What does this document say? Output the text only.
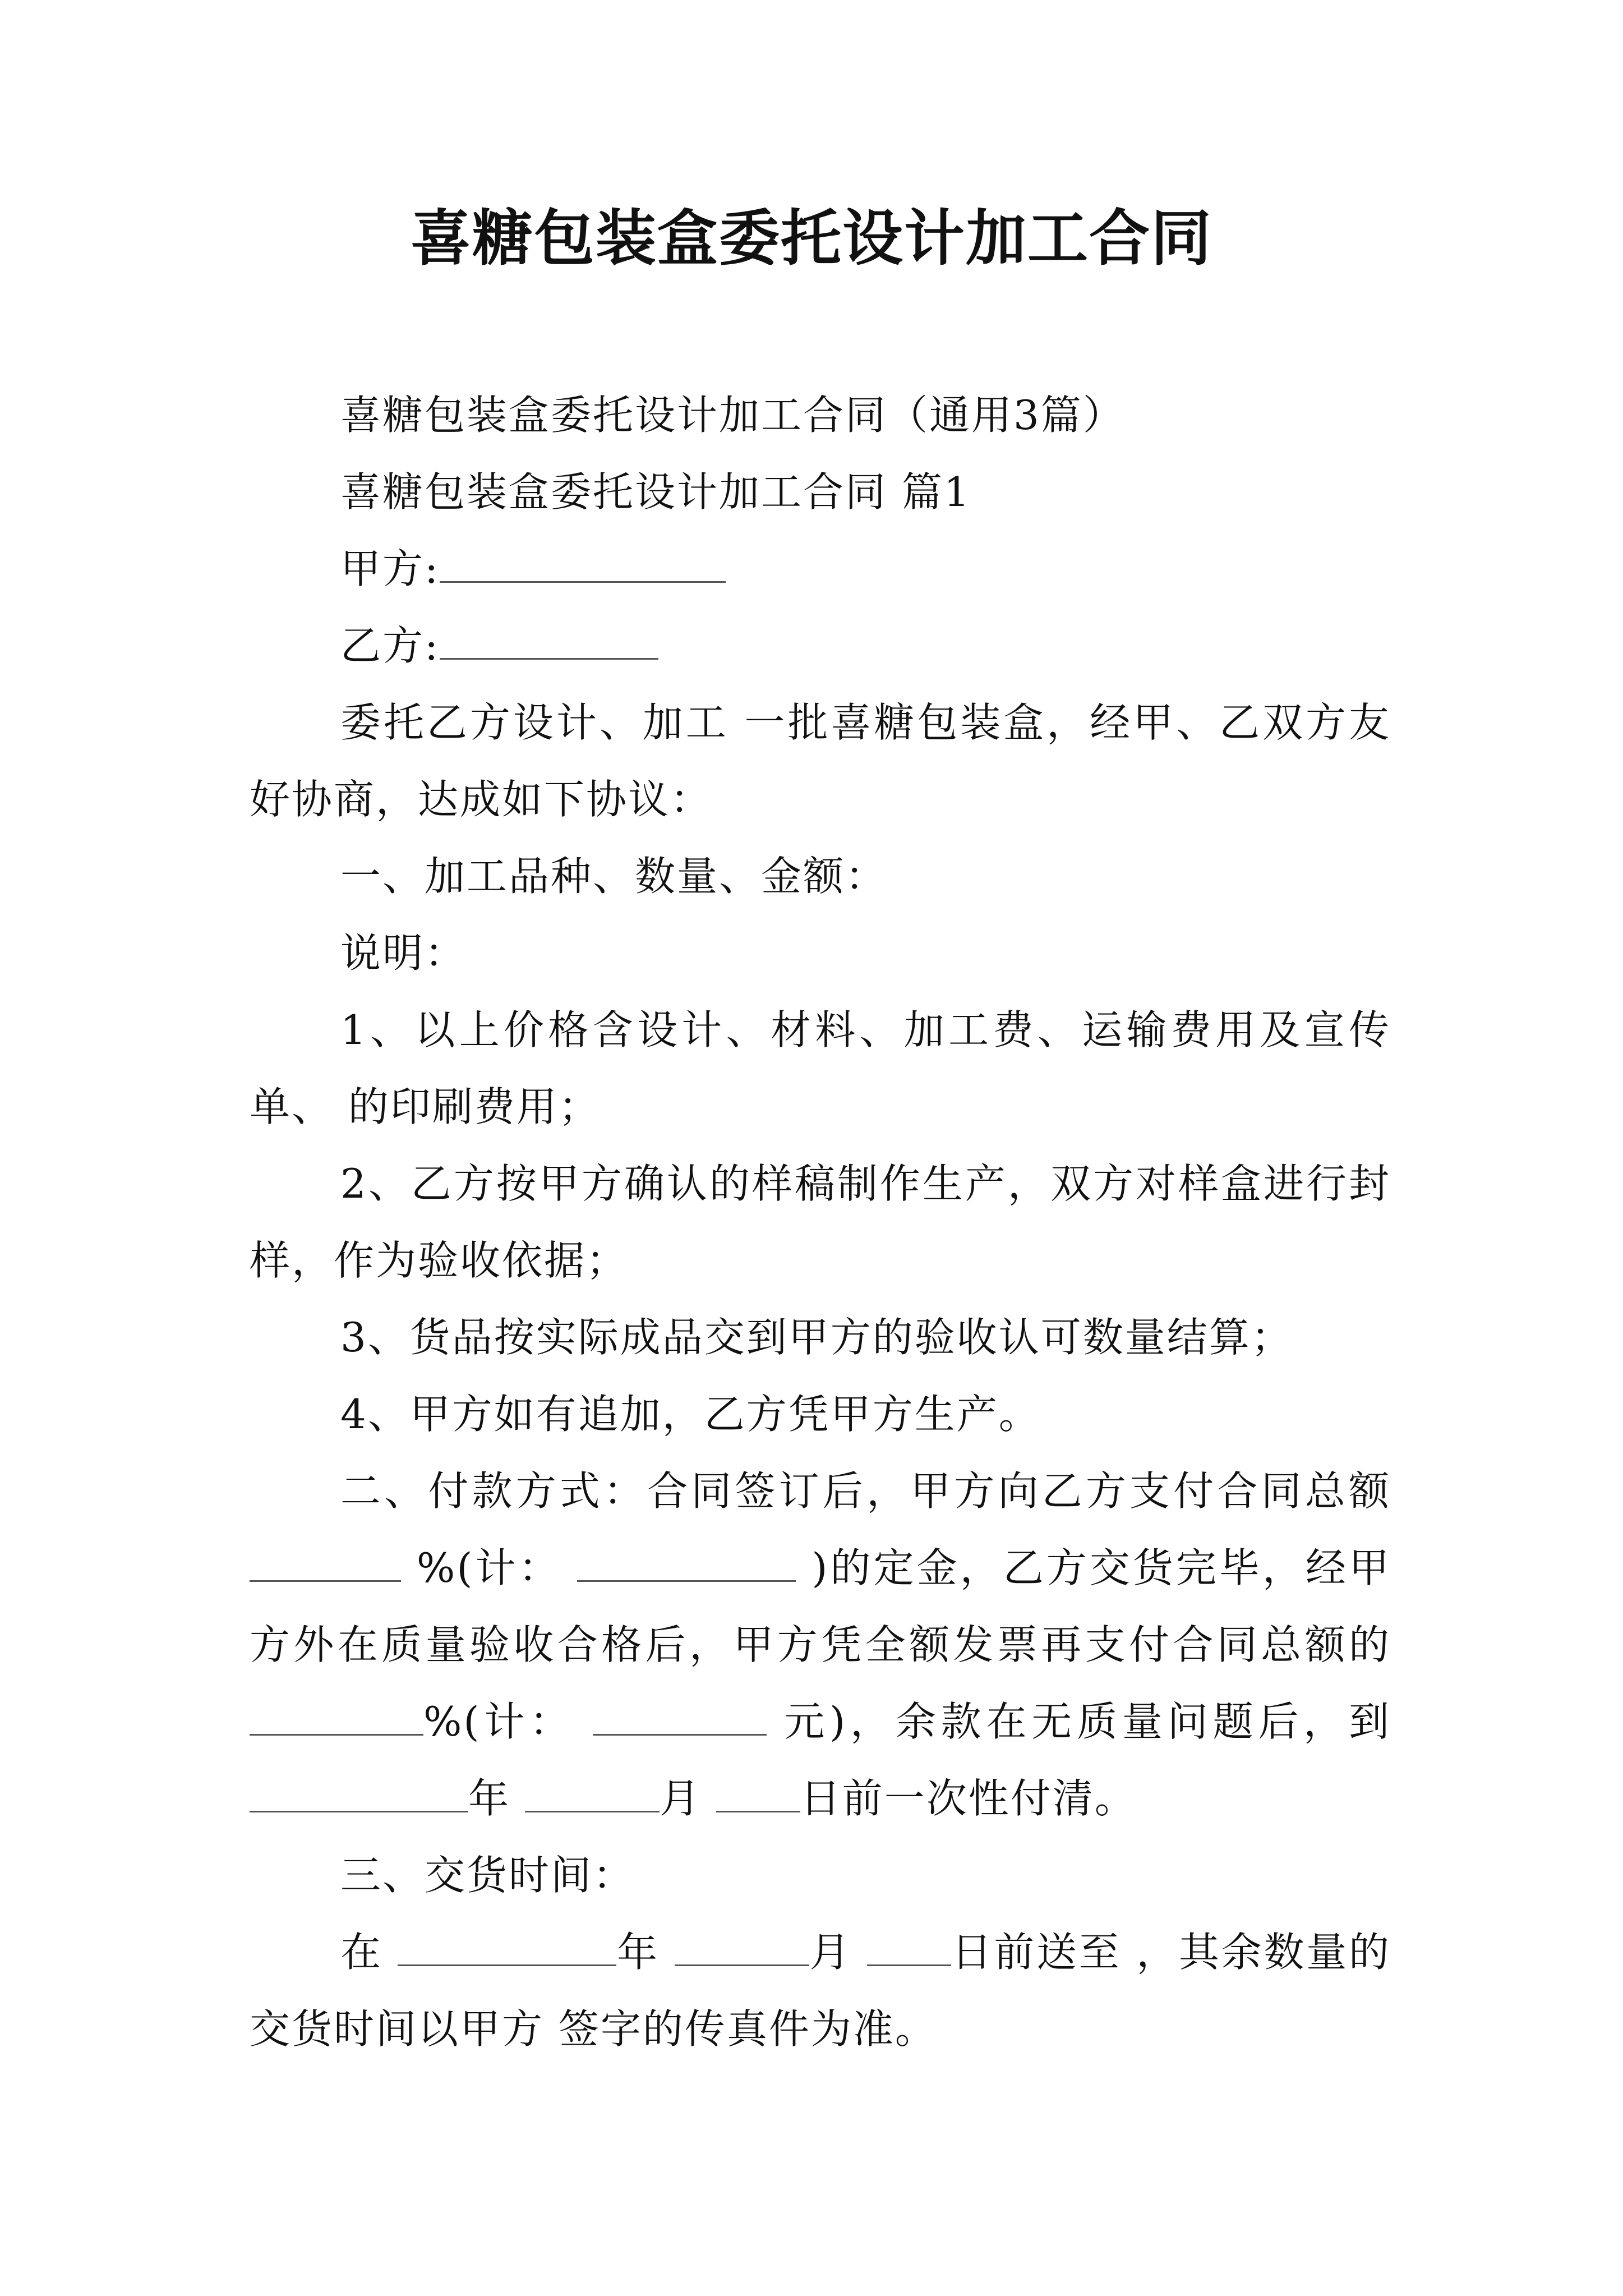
喜糖包装盒委托设计加工合同

喜糖包装盒委托设计加工合同（通用3篇）

喜糖包装盒委托设计加工合同 篇1

甲方:

乙方:

委托乙方设计、加工 一批喜糖包装盒，经甲、乙双方友好协商，达成如下协议：

一、加工品种、数量、金额：

说明：

1、以上价格含设计、材料、加工费、运输费用及宣传单、 的印刷费用；

2、乙方按甲方确认的样稿制作生产，双方对样盒进行封样，作为验收依据；

3、货品按实际成品交到甲方的验收认可数量结算；

4、甲方如有追加，乙方凭甲方生产。

二、付款方式：合同签订后，甲方向乙方支付合同总额 %(计：	)的定金，乙方交货完毕，经甲方外在质量验收合格后，甲方凭全额发票再支付合同总额的%(计：	元)，余款在无质量问题后，到年	月 日前一次性付清。

三、交货时间：

在	年	月 日前送至 ，其余数量的交货时间以甲方 签字的传真件为准。
